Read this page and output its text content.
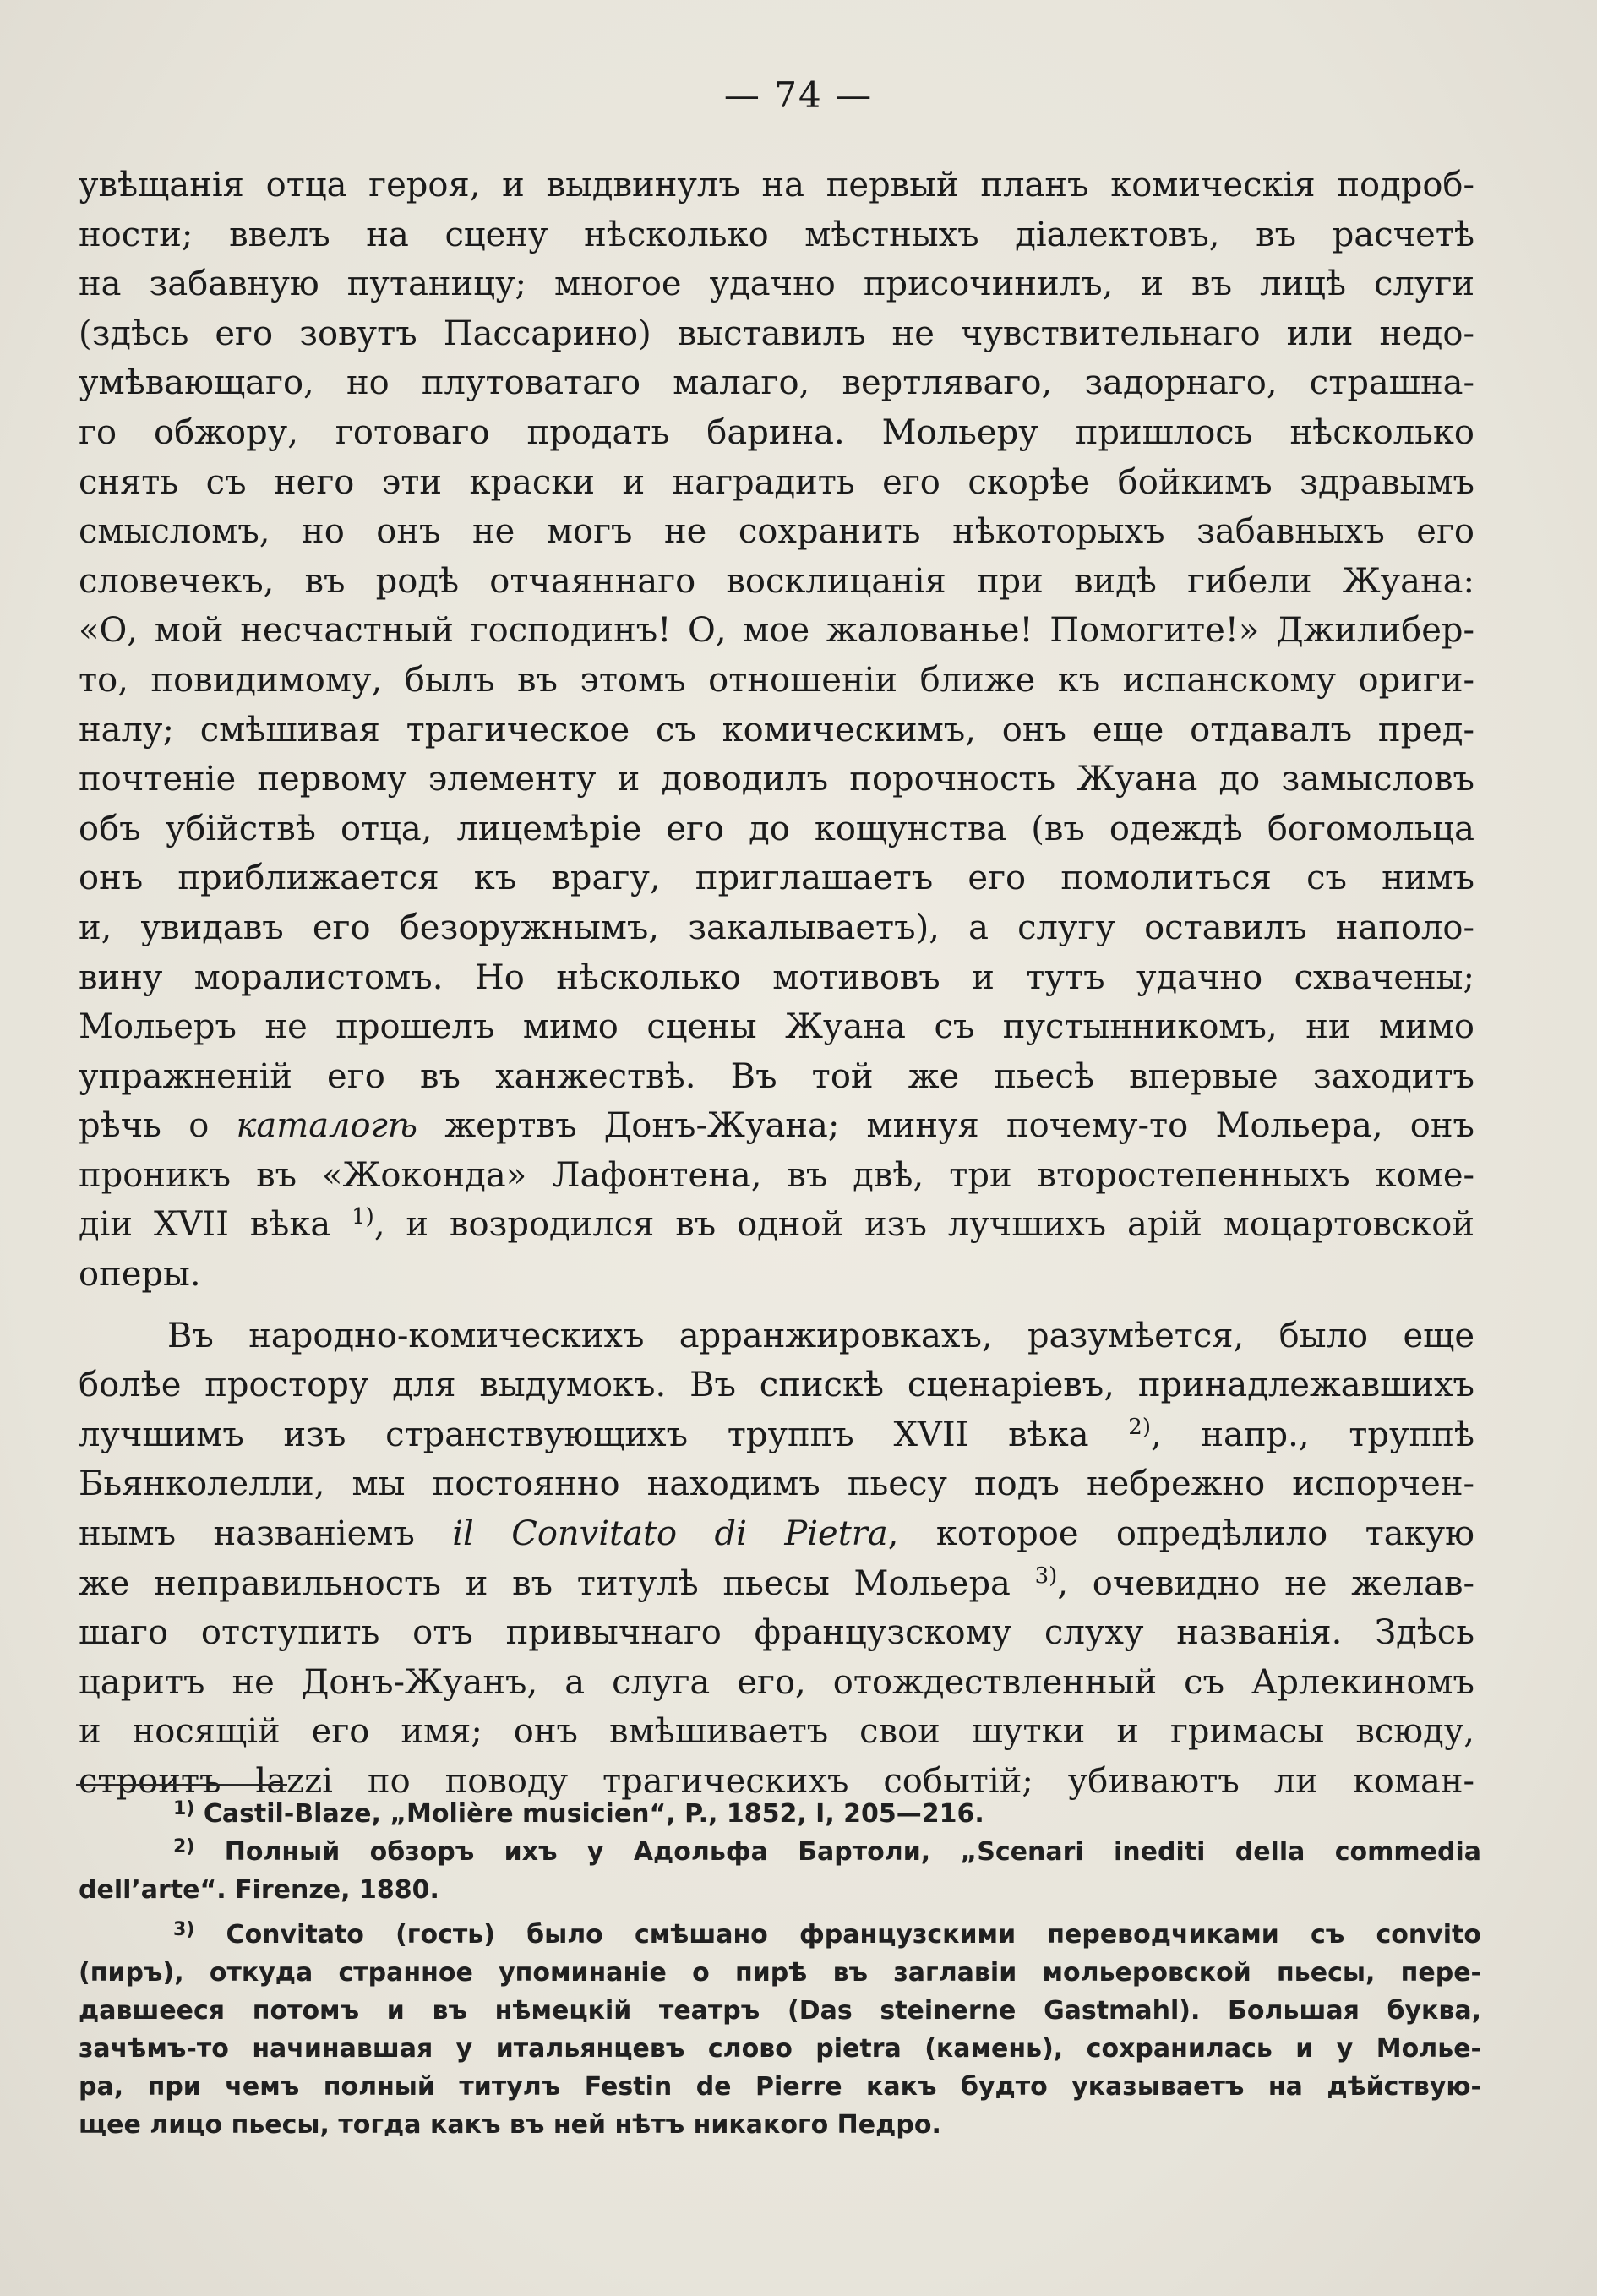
— 74 —
увѣщанія отца героя, и выдвинулъ на первый планъ комическія подроб-
ности; ввелъ на сцену нѣсколько мѣстныхъ діалектовъ, въ расчетѣ
на забавную путаницу; многое удачно присочинилъ, и въ лицѣ слуги
(здѣсь его зовутъ Пассарино) выставилъ не чувствительнаго или недо-
умѣвающаго, но плутоватаго малаго, вертляваго, задорнаго, страшна-
го обжору, готоваго продать барина. Мольеру пришлось нѣсколько
снять съ него эти краски и наградить его скорѣе бойкимъ здравымъ
смысломъ, но онъ не могъ не сохранить нѣкоторыхъ забавныхъ его
словечекъ, въ родѣ отчаяннаго восклицанія при видѣ гибели Жуана:
«О, мой несчастный господинъ! О, мое жалованье! Помогите!» Джилибер-
то, повидимому, былъ въ этомъ отношеніи ближе къ испанскому ориги-
налу; смѣшивая трагическое съ комическимъ, онъ еще отдавалъ пред-
почтеніе первому элементу и доводилъ порочность Жуана до замысловъ
объ убійствѣ отца, лицемѣріе его до кощунства (въ одеждѣ богомольца
онъ приближается къ врагу, приглашаетъ его помолиться съ нимъ
и, увидавъ его безоружнымъ, закалываетъ), а слугу оставилъ наполо-
вину моралистомъ. Но нѣсколько мотивовъ и тутъ удачно схвачены;
Мольеръ не прошелъ мимо сцены Жуана съ пустынникомъ, ни мимо
упражненій его въ ханжествѣ. Въ той же пьесѣ впервые заходитъ
рѣчь о каталогѣ жертвъ Донъ-Жуана; минуя почему-то Мольера, онъ
проникъ въ «Жоконда» Лафонтена, въ двѣ, три второстепенныхъ коме-
діи XVII вѣка $^{1)}$, и возродился въ одной изъ лучшихъ арій моцартовской
оперы.
Въ народно-комическихъ арранжировкахъ, разумѣется, было еще
болѣе простору для выдумокъ. Въ спискѣ сценаріевъ, принадлежавшихъ
лучшимъ изъ странствующихъ труппъ XVII вѣка $^{2)}$, напр., труппѣ
Бьянколелли, мы постоянно находимъ пьесу подъ небрежно испорчен-
нымъ названіемъ il Convitato di Pietra, которое опредѣлило такую
же неправильность и въ титулѣ пьесы Мольера $^{3)}$, очевидно не желав-
шаго отступить отъ привычнаго французскому слуху названія. Здѣсь
царитъ не Донъ-Жуанъ, а слуга его, отождествленный съ Арлекиномъ
и носящій его имя; онъ вмѣшиваетъ свои шутки и гримасы всюду,
строитъ lazzi по поводу трагическихъ событій; убиваютъ ли коман-
$^{1)}$ Castil-Blaze, „Molière musicien“, P., 1852, I, 205—216.
$^{2)}$ Полный обзоръ ихъ у Адольфа Бартоли, „Scenari inediti della commedia
dell’arte“. Firenze, 1880.
$^{3)}$ Convitato (гость) было смѣшано французскими переводчиками съ convito
(пиръ), откуда странное упоминаніе о пирѣ въ заглавіи мольеровской пьесы, пере-
давшееся потомъ и въ нѣмецкій театръ (Das steinerne Gastmahl). Большая буква,
зачѣмъ-то начинавшая у итальянцевъ слово pietra (камень), сохранилась и у Молье-
ра, при чемъ полный титулъ Festin de Pierre какъ будто указываетъ на дѣйствую-
щее лицо пьесы, тогда какъ въ ней нѣтъ никакого Педро.
